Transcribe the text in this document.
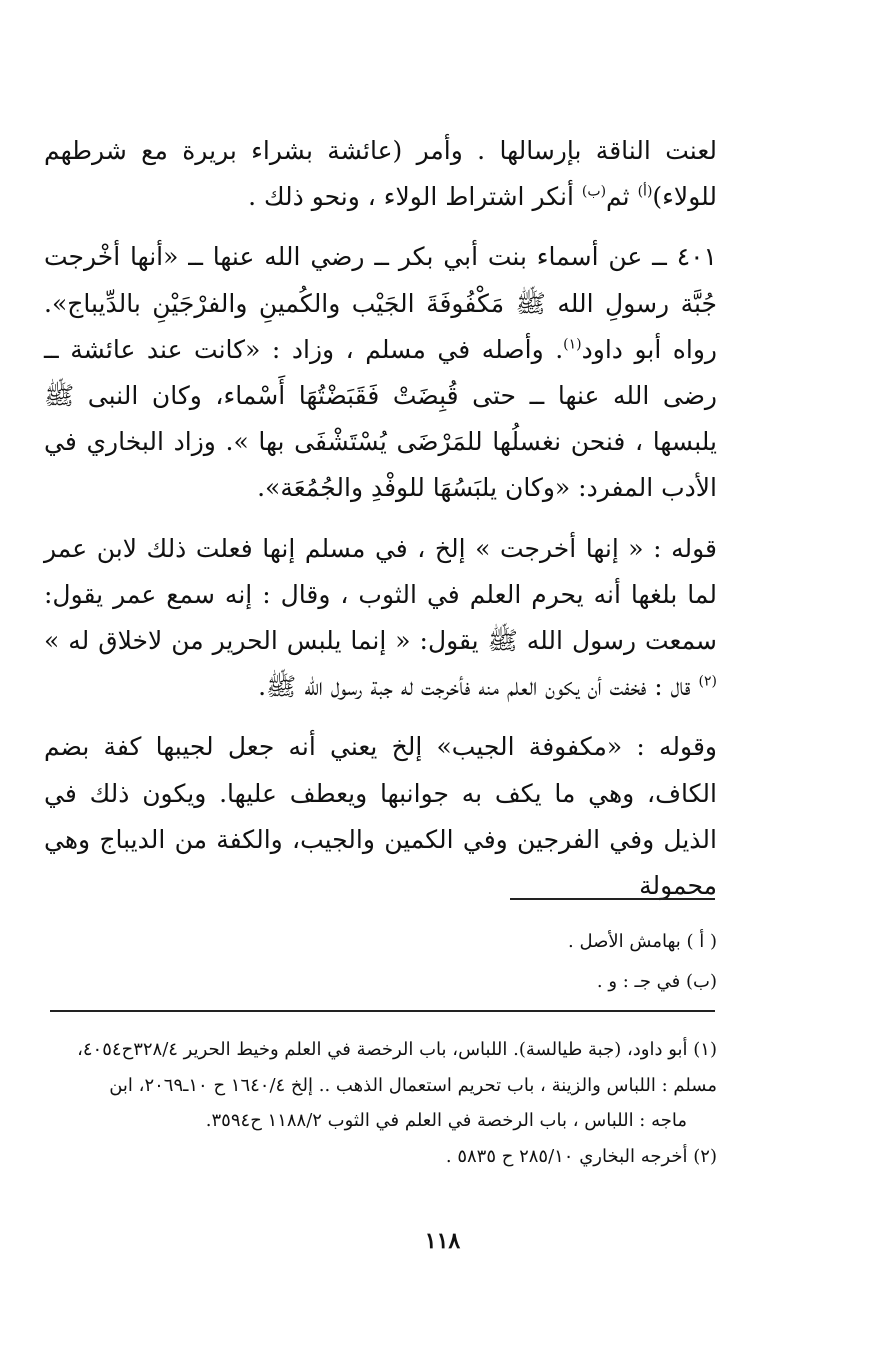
لعنت الناقة بإرسالها . وأمر (عائشة بشراء بريرة مع شرطهم للولاء)$^{(أ)}$ ثم$^{(ب)}$ أنكر اشتراط الولاء ، ونحو ذلك .

٤٠١ ــ عن أسماء بنت أبي بكر ــ رضي الله عنها ــ «أنها أخْرجت جُبَّة رسولِ الله ﷺ مَكْفُوفَةَ الجَيْب والكُمينِ والفرْجَيْنِ بالدِّيباج». رواه أبو داود$^{(١)}$. وأصله في مسلم ، وزاد : «كانت عند عائشة ــ رضى الله عنها ــ حتى قُبِضَتْ فَقَبَضْتُهَا أَسْماء، وكان النبى ﷺ يلبسها ، فنحن نغسلُها للمَرْضَى يُسْتَشْفَى بها ». وزاد البخاري في الأدب المفرد: «وكان يلبَسُهَا للوفْدِ والجُمُعَة».

قوله : « إنها أخرجت » إلخ ، في مسلم إنها فعلت ذلك لابن عمر لما بلغها أنه يحرم العلم في الثوب ، وقال : إنه سمع عمر يقول: سمعت رسول الله ﷺ يقول: « إنما يلبس الحرير من لاخلاق له » $^{(٢)}$ قال : فخفت أن يكون العلم منه فأخرجت له جبة رسول الله ﷺ.

وقوله : «مكفوفة الجيب» إلخ يعني أنه جعل لجيبها كفة بضم الكاف، وهي ما يكف به جوانبها ويعطف عليها. ويكون ذلك في الذيل وفي الفرجين وفي الكمين والجيب، والكفة من الديباج وهي محمولة

( أ ) بهامش الأصل .
(ب) في جـ : و .
(١) أبو داود، (جبة طيالسة). اللباس، باب الرخصة في العلم وخيط الحرير ٣٢٨/٤ح٤٠٥٤،
مسلم : اللباس والزينة ، باب تحريم استعمال الذهب .. إلخ ١٦٤٠/٤ ح ١٠ـ٢٠٦٩، ابن
ماجه : اللباس ، باب الرخصة في العلم في الثوب ١١٨٨/٢ ح٣٥٩٤.
(٢) أخرجه البخاري ٢٨٥/١٠ ح ٥٨٣٥ .
١١٨
